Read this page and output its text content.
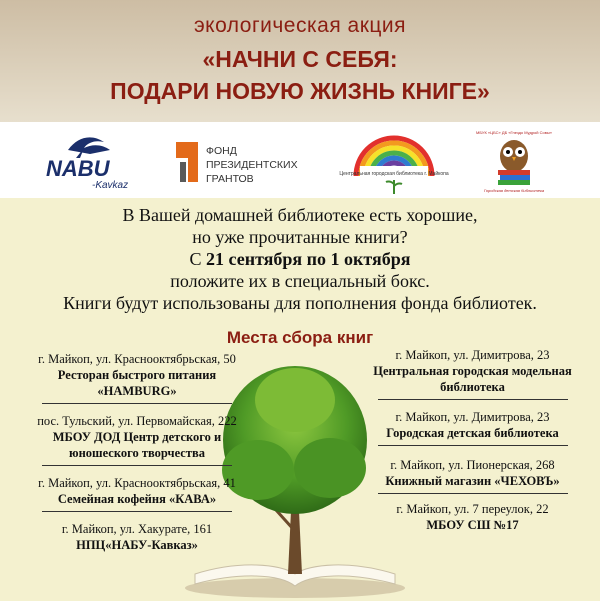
экологическая акция
«НАЧНИ С СЕБЯ:
ПОДАРИ НОВУЮ ЖИЗНЬ КНИГЕ»
NABU
-Kavkaz
ФОНД
ПРЕЗИДЕНТСКИХ
ГРАНТОВ	Центральная городская библиотека г. Майкопа
МБУК «ЦБС» ДБ «Гнездо Мудрой Совы»
Городская детская библиотека
В Вашей домашней библиотеке есть хорошие,
но уже прочитанные книги?
С 21 сентября по 1 октября
положите их в специальный бокс.
Книги будут использованы для пополнения фонда библиотек.
Места сбора книг
г. Майкоп, ул. Краснооктябрьская, 50
Ресторан быстрого питания
«HAMBURG»
пос. Тульский, ул. Первомайская, 222
МБОУ ДОД Центр детского и
юношеского творчества
г. Майкоп, ул. Краснооктябрьская, 41
Семейная кофейня «КАВА»
г. Майкоп, ул. Хакурате, 161
НПЦ«НАБУ-Кавказ»
г. Майкоп, ул. Димитрова, 23
Центральная городская модельная
библиотека
г. Майкоп, ул. Димитрова, 23
Городская детская библиотека
г. Майкоп, ул. Пионерская, 268
Книжный магазин «ЧЕХОВЪ»
г. Майкоп, ул. 7 переулок, 22
МБОУ СШ №17
